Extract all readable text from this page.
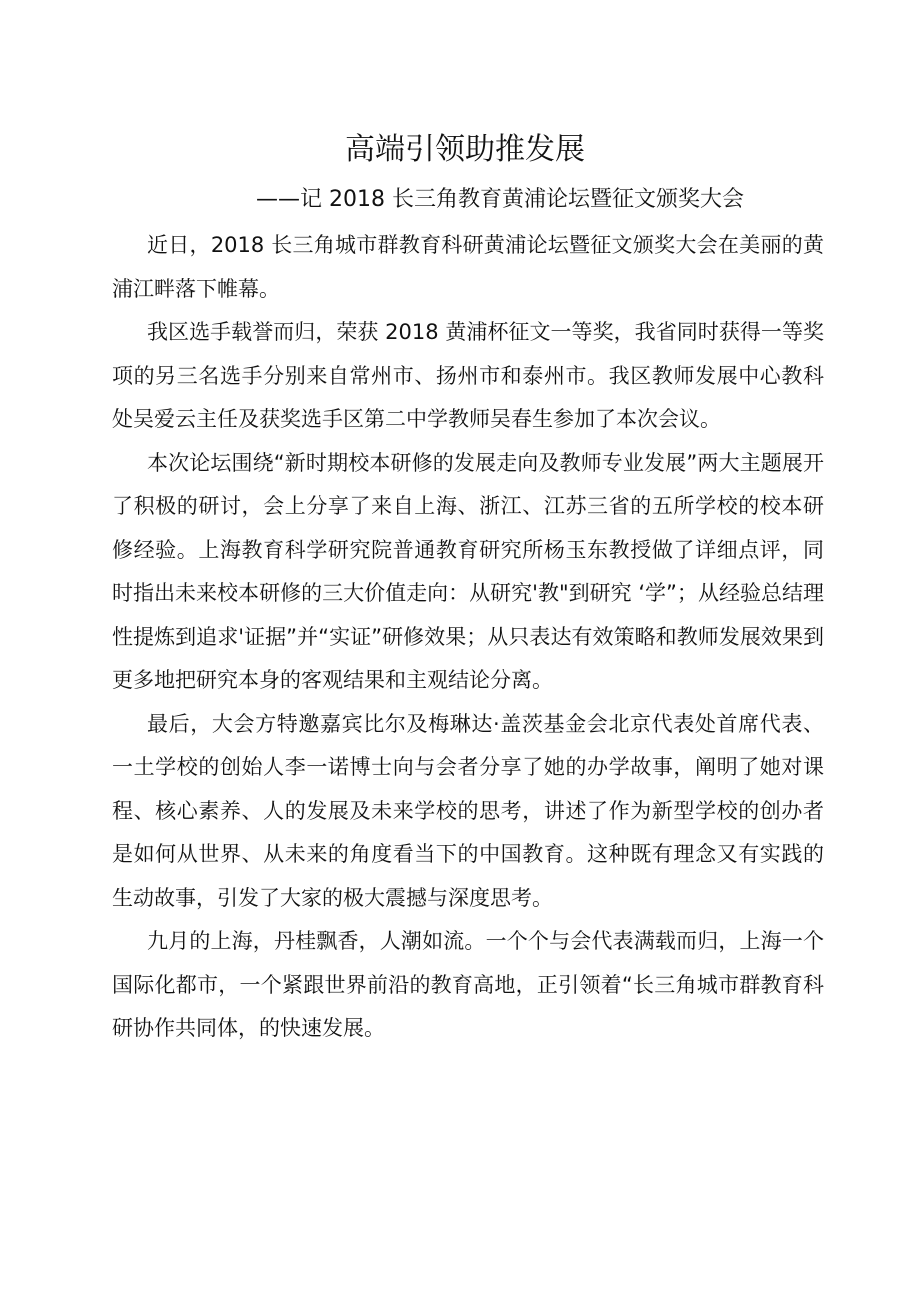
高端引领助推发展
——记 2018 长三角教育黄浦论坛暨征文颁奖大会

近日，2018 长三角城市群教育科研黄浦论坛暨征文颁奖大会在美丽的黄浦江畔落下帷幕。

我区选手载誉而归，荣获 2018 黄浦杯征文一等奖，我省同时获得一等奖项的另三名选手分别来自常州市、扬州市和泰州市。我区教师发展中心教科处吴爱云主任及获奖选手区第二中学教师吴春生参加了本次会议。

本次论坛围绕“新时期校本研修的发展走向及教师专业发展”两大主题展开了积极的研讨，会上分享了来自上海、浙江、江苏三省的五所学校的校本研修经验。上海教育科学研究院普通教育研究所杨玉东教授做了详细点评，同时指出未来校本研修的三大价值走向：从研究'教"到研究 ‘学”；从经验总结理性提炼到追求'证据”并“实证”研修效果；从只表达有效策略和教师发展效果到更多地把研究本身的客观结果和主观结论分离。

最后，大会方特邀嘉宾比尔及梅琳达·盖茨基金会北京代表处首席代表、一土学校的创始人李一诺博士向与会者分享了她的办学故事，阐明了她对课程、核心素养、人的发展及未来学校的思考，讲述了作为新型学校的创办者是如何从世界、从未来的角度看当下的中国教育。这种既有理念又有实践的生动故事，引发了大家的极大震撼与深度思考。

九月的上海，丹桂飘香，人潮如流。一个个与会代表满载而归，上海一个国际化都市，一个紧跟世界前沿的教育高地，正引领着“长三角城市群教育科研协作共同体，的快速发展。
